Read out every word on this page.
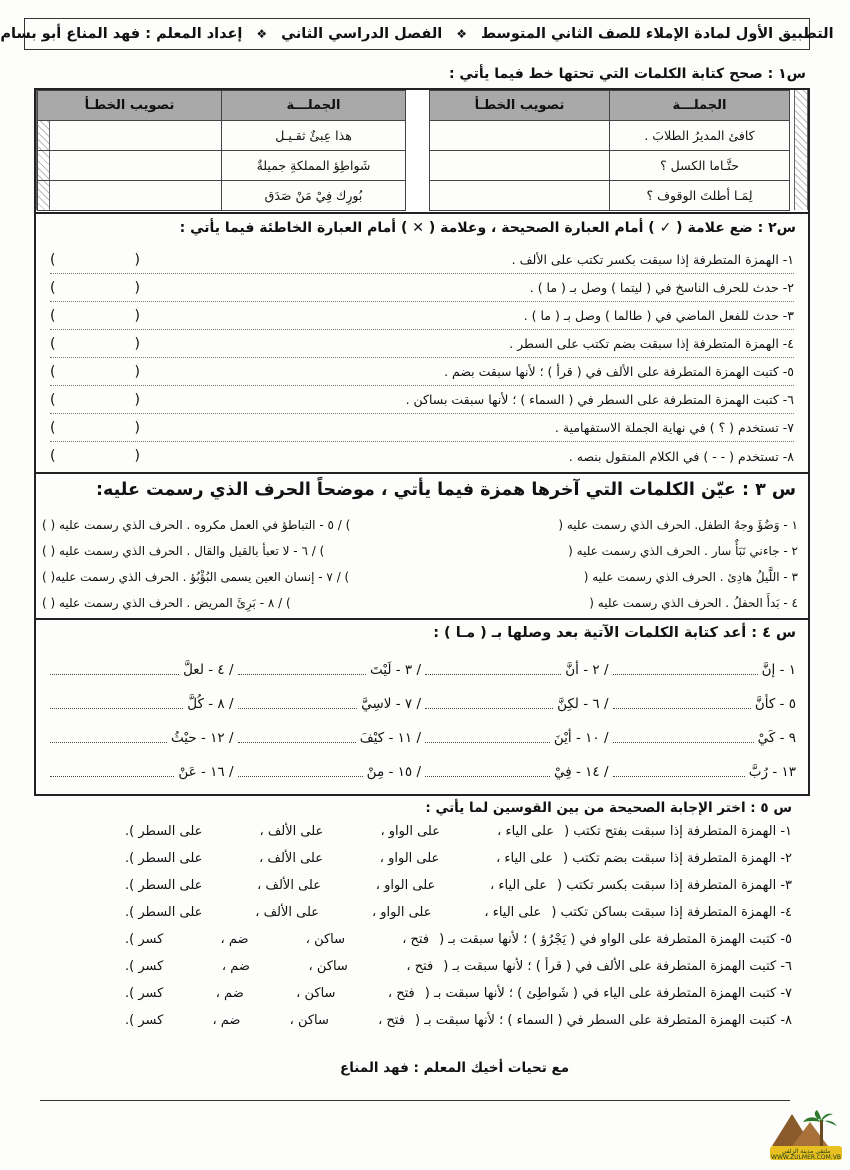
التطبيق الأول لمادة الإملاء للصف الثاني المتوسط
❖
الفصل الدراسي الثاني
❖
إعداد المعلم : فهد المناع أبو بسام
س١ : صحح كتابة الكلمات التي تحتها خط فيما يأتي :
الجملـــة	تصويب الخطـأ		الجملـــة	تصويب الخطـأ
كافئ المديرُ الطلابَ .			هذا عِبئٌ ثقـيـل	
حتَّـاما الكسل ؟			شَواطِؤ المملكةِ جميلةٌ	
لِمَـا أطلتَ الوقوف ؟			بُورِك فِيْ مَنْ صَدَق	
س٢ : ضع علامة ( ✓ ) أمام العبارة الصحيحة ، وعلامة ( ✕ ) أمام العبارة الخاطئة فيما يأتي :
١- الهمزة المتطرفة إذا سبقت بكسر تكتب على الألف .
(	)
٢- حدث للحرف الناسخ في ( ليتما ) وصل بـ ( ما ) .
(	)
٣- حدث للفعل الماضي في ( طالما ) وصل بـ ( ما ) .
(	)
٤- الهمزة المتطرفة إذا سبقت بضم تكتب على السطر .
(	)
٥- كتبت الهمزة المتطرفة على الألف في ( قرأ ) ؛ لأنها سبقت بضم .
(	)
٦- كتبت الهمزة المتطرفة على السطر في ( السماء ) ؛ لأنها سبقت بساكن .
(	)
٧- تستخدم ( ؟ ) في نهاية الجملة الاستفهامية .
(	)
٨- تستخدم ( - - ) في الكلام المنقول بنصه .
(	)
س ٣ : عيّن الكلمات التي آخرها همزة فيما يأتي ، موضحاً الحرف الذي رسمت عليه:
١ - وَضُؤَ وجهُ الطفل. الحرف الذي رسمت عليه (
) / ٥ - التباطؤ في العمل مكروه . الحرف الذي رسمت عليه ( )
٢ - جاءني نَبَأٌ سار . الحرف الذي رسمت عليه (
) / ٦ - لا تعبأ بالقيل والقال . الحرف الذي رسمت عليه ( )
٣ - اللَّيلُ هادِئ . الحرف الذي رسمت عليه (
) / ٧ - إنسان العين يسمى البُؤْبُؤ . الحرف الذي رسمت عليه( )
٤ - بَدأَ الحفلُ . الحرف الذي رسمت عليه (
) / ٨ - بَرِئَ المريض . الحرف الذي رسمت عليه ( )
س ٤ : أعد كتابة الكلمات الآتية بعد وصلها بـ ( مـا ) :
١ - إنَّ
/ ٢ - أنَّ
/ ٣ - لَيْتَ
/ ٤ - لعلَّ
٥ - كأنَّ
/ ٦ - لكِنَّ
/ ٧ - لاسِيَّ
/ ٨ - كُلَّ
٩ - كَيْ
/ ١٠ - أيْنَ
/ ١١ - كيْفَ
/ ١٢ - حيْثُ
١٣ - رُبَّ
/ ١٤ - فِيْ
/ ١٥ - مِنْ
/ ١٦ - عَنْ
س ٥ : اختر الإجابة الصحيحة من بين القوسين لما يأتي :
١- الهمزة المتطرفة إذا سبقت بفتح تكتب (
على الياء ،
على الواو ،
على الألف ،
على السطر ).
٢- الهمزة المتطرفة إذا سبقت بضم تكتب (
على الياء ،
على الواو ،
على الألف ،
على السطر ).
٣- الهمزة المتطرفة إذا سبقت بكسر تكتب (
على الياء ،
على الواو ،
على الألف ،
على السطر ).
٤- الهمزة المتطرفة إذا سبقت بساكن تكتب (
على الياء ،
على الواو ،
على الألف ،
على السطر ).
٥- كتبت الهمزة المتطرفة على الواو في ( يَجْرُؤ ) ؛ لأنها سبقت بـ (
فتح ،
ساكن ،
ضم ،
كسر ).
٦- كتبت الهمزة المتطرفة على الألف في ( قرأ ) ؛ لأنها سبقت بـ (
فتح ،
ساكن ،
ضم ،
كسر ).
٧- كتبت الهمزة المتطرفة على الياء في ( شَواطِئ ) ؛ لأنها سبقت بـ (
فتح ،
ساكن ،
ضم ،
كسر ).
٨- كتبت الهمزة المتطرفة على السطر في ( السماء ) ؛ لأنها سبقت بـ (
فتح ،
ساكن ،
ضم ،
كسر ).
مع تحيات أخيك المعلم : فهد المناع
ملتقى مدينة الزلفي
WWW.ZULMER.COM.VB
